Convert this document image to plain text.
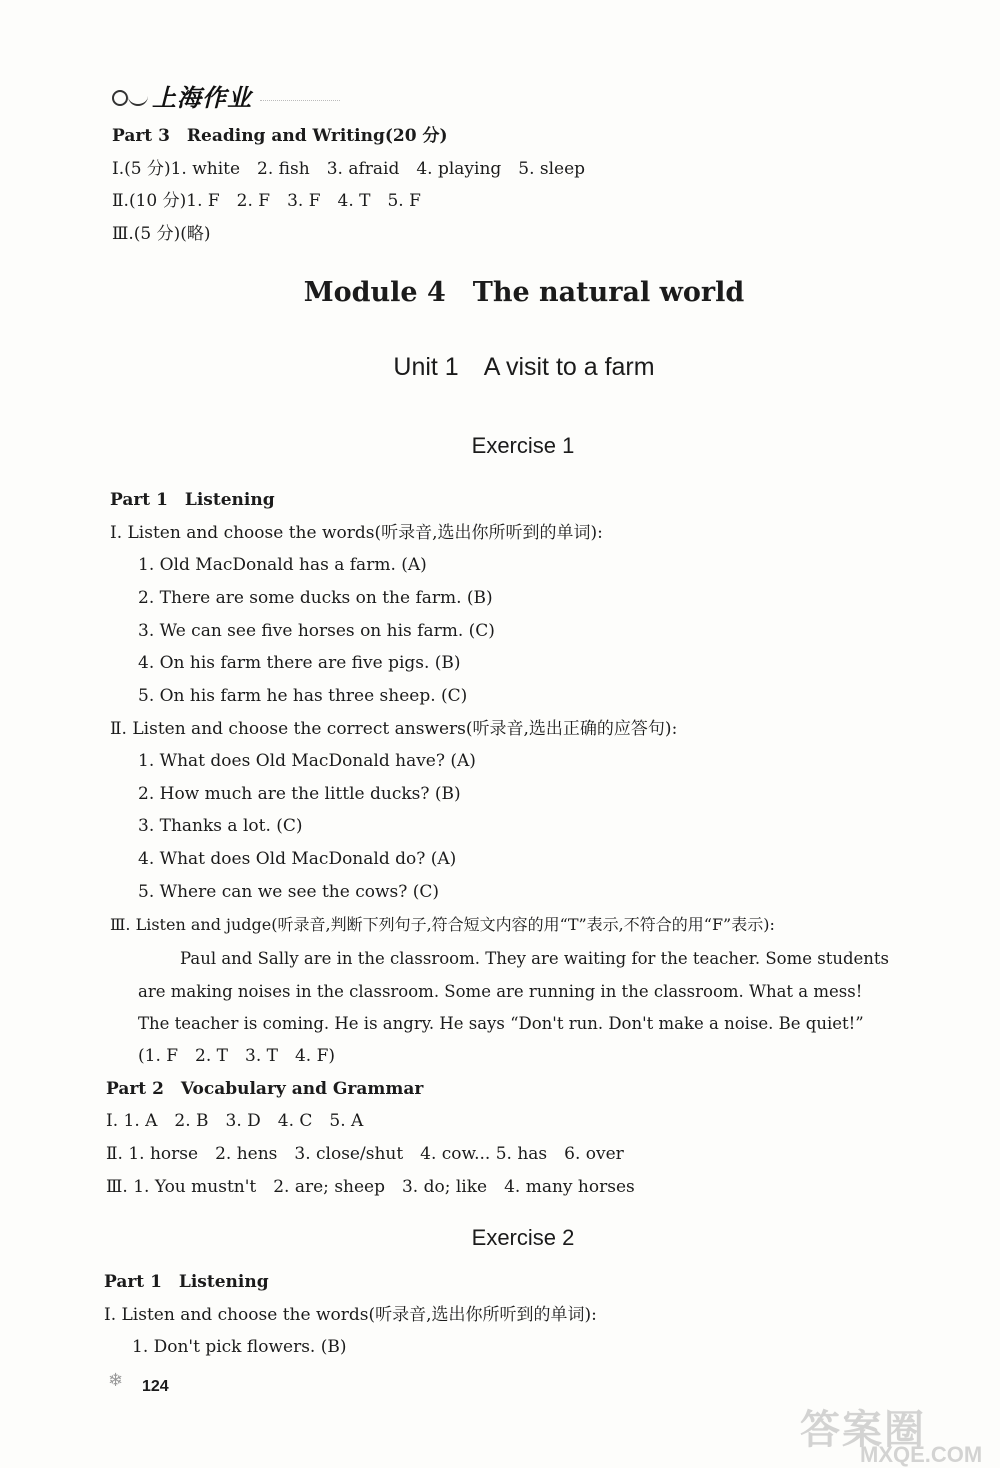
上海作业
Part 3　Reading and Writing(20 分)
Ⅰ.(5 分)1. white　2. fish　3. afraid　4. playing　5. sleep
Ⅱ.(10 分)1. F　2. F　3. F　4. T　5. F
Ⅲ.(5 分)(略)
Module 4　The natural world
Unit 1　A visit to a farm
Exercise 1
Part 1　Listening
Ⅰ. Listen and choose the words(听录音,选出你所听到的单词):
1. Old MacDonald has a farm. (A)
2. There are some ducks on the farm. (B)
3. We can see five horses on his farm. (C)
4. On his farm there are five pigs. (B)
5. On his farm he has three sheep. (C)
Ⅱ. Listen and choose the correct answers(听录音,选出正确的应答句):
1. What does Old MacDonald have? (A)
2. How much are the little ducks? (B)
3. Thanks a lot. (C)
4. What does Old MacDonald do? (A)
5. Where can we see the cows? (C)
Ⅲ. Listen and judge(听录音,判断下列句子,符合短文内容的用“T”表示,不符合的用“F”表示):
Paul and Sally are in the classroom. They are waiting for the teacher. Some students
are making noises in the classroom. Some are running in the classroom. What a mess!
The teacher is coming. He is angry. He says “Don't run. Don't make a noise. Be quiet!”
(1. F　2. T　3. T　4. F)
Part 2　Vocabulary and Grammar
Ⅰ. 1. A　2. B　3. D　4. C　5. A
Ⅱ. 1. horse　2. hens　3. close/shut　4. cow... 5. has　6. over
Ⅲ. 1. You mustn't　2. are; sheep　3. do; like　4. many horses
Exercise 2
Part 1　Listening
Ⅰ. Listen and choose the words(听录音,选出你所听到的单词):
1. Don't pick flowers. (B)
❄	124
答案圈
MXQE.COM
